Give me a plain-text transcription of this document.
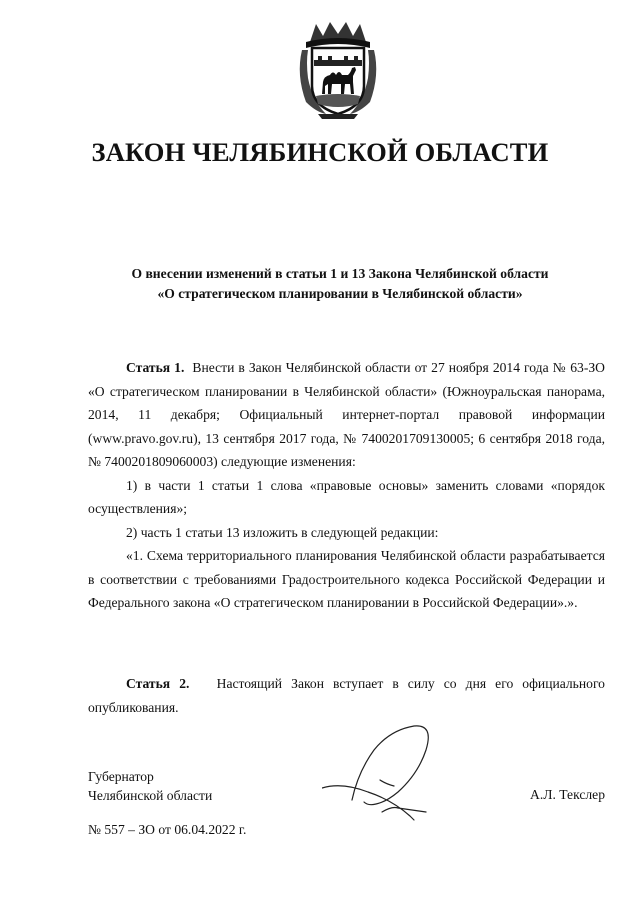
ЗАКОН ЧЕЛЯБИНСКОЙ ОБЛАСТИ
О внесении изменений в статьи 1 и 13 Закона Челябинской области
«О стратегическом планировании в Челябинской области»

Статья 1. Внести в Закон Челябинской области от 27 ноября 2014 года № 63-ЗО «О стратегическом планировании в Челябинской области» (Южноуральская панорама, 2014, 11 декабря; Официальный интернет-портал правовой информации (www.pravo.gov.ru), 13 сентября 2017 года, № 7400201709130005; 6 сентября 2018 года, № 7400201809060003) следующие изменения:

1) в части 1 статьи 1 слова «правовые основы» заменить словами «порядок осуществления»;

2) часть 1 статьи 13 изложить в следующей редакции:

«1. Схема территориального планирования Челябинской области разрабатывается в соответствии с требованиями Градостроительного кодекса Российской Федерации и Федерального закона «О стратегическом планировании в Российской Федерации».».

Статья 2. Настоящий Закон вступает в силу со дня его официального опубликования.

Губернатор
Челябинской области	А.Л. Текслер
№ 557 – ЗО от 06.04.2022 г.
